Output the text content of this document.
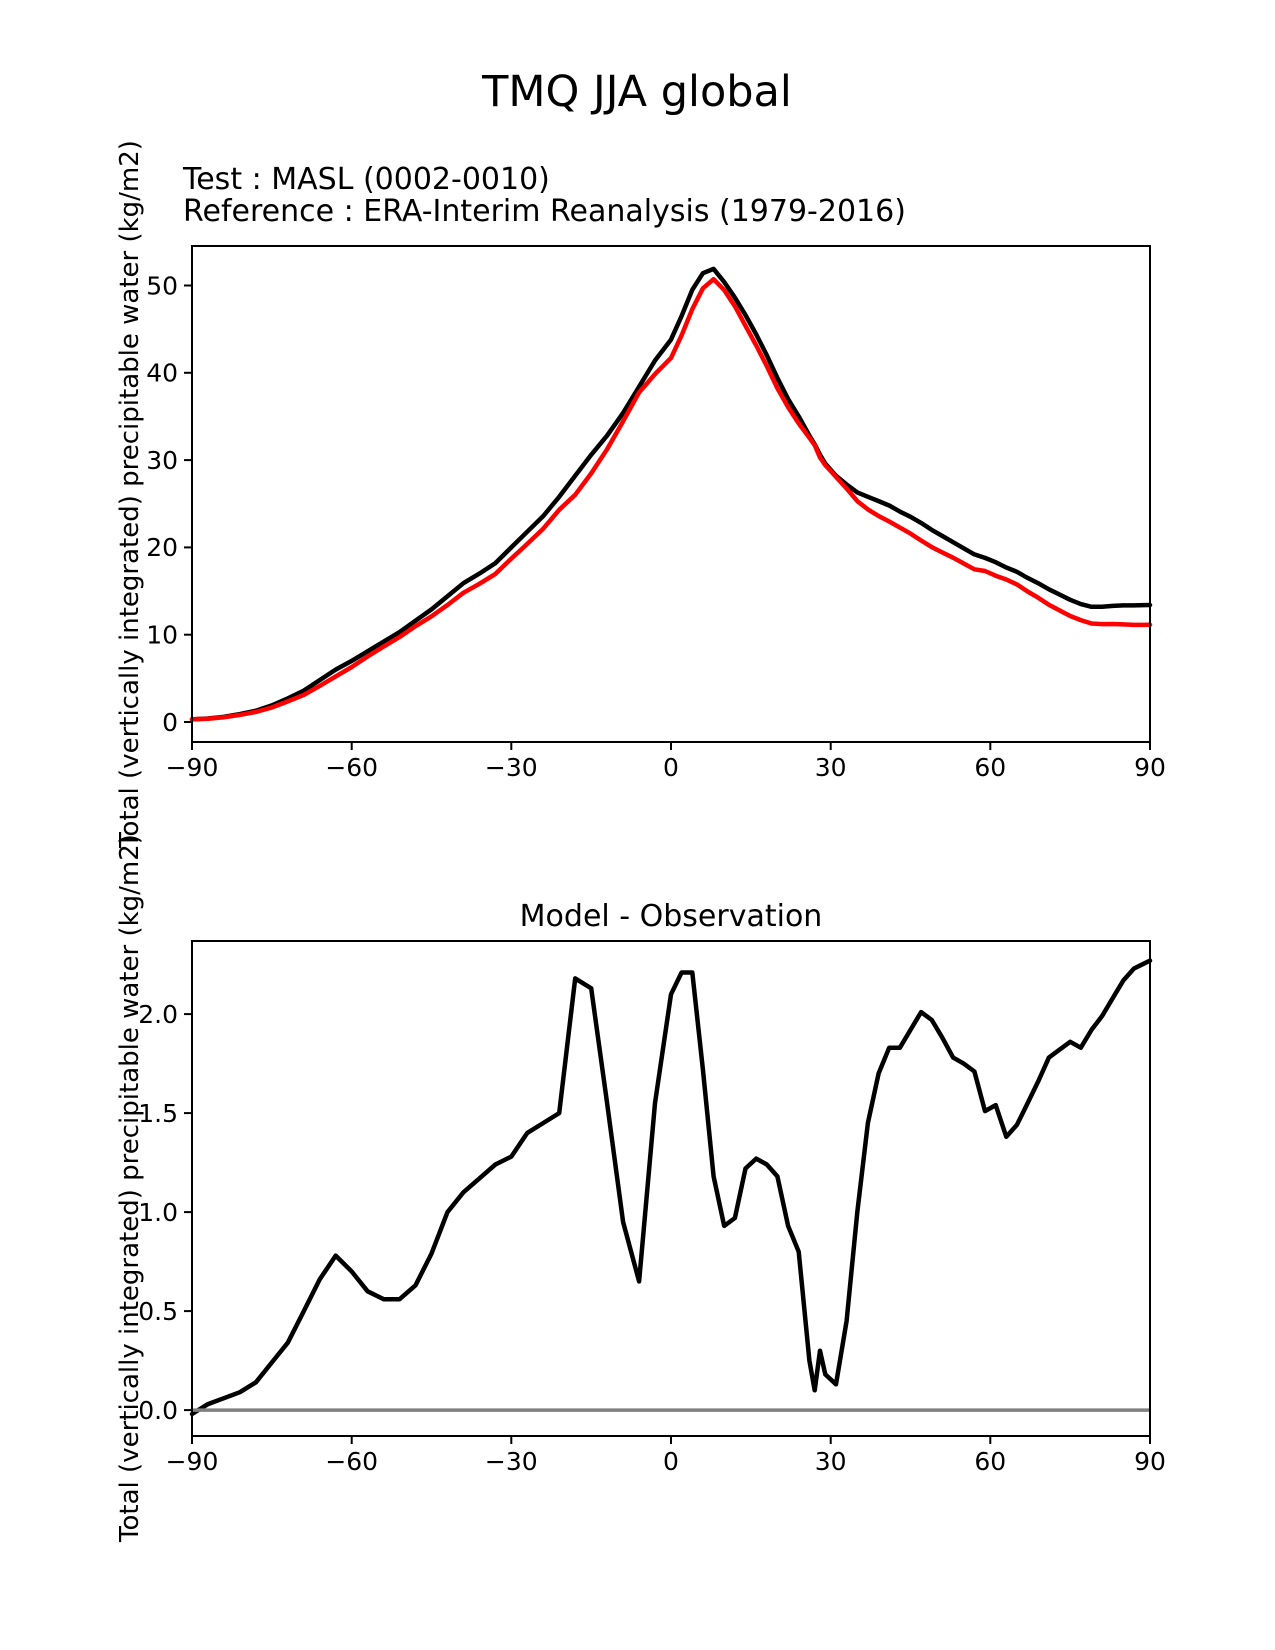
−90	−60	−30	0	30	60	90
0
10
20
30
40
50
−90	−60	−30	0	30	60	90
0.0
0.5
1.0
1.5
2.0
TMQ JJA global
Test : MASL (0002-0010)
Reference : ERA-Interim Reanalysis (1979-2016)
Model - Observation
Total (vertically integrated) precipitable water (kg/m2)
Total (vertically integrated) precipitable water (kg/m2)
